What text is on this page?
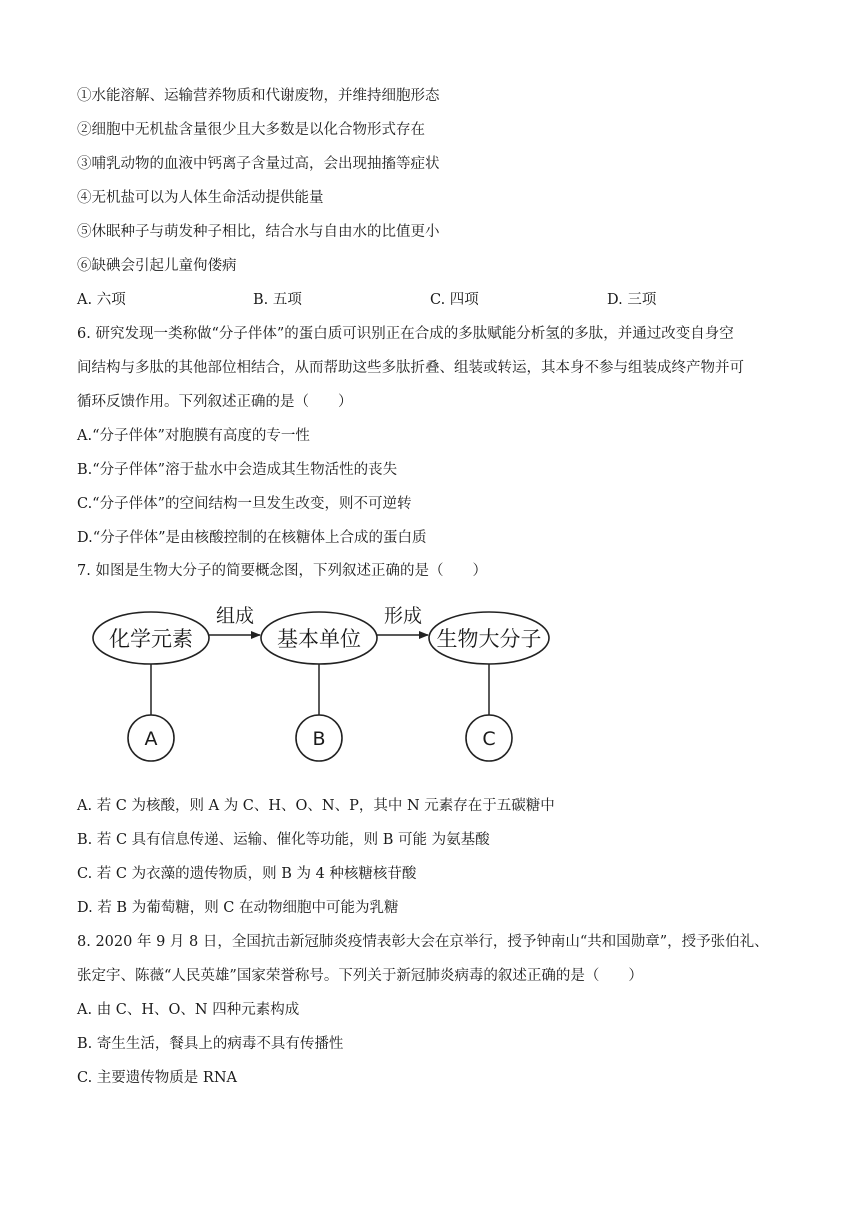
①水能溶解、运输营养物质和代谢废物，并维持细胞形态
②细胞中无机盐含量很少且大多数是以化合物形式存在
③哺乳动物的血液中钙离子含量过高，会出现抽搐等症状
④无机盐可以为人体生命活动提供能量
⑤休眠种子与萌发种子相比，结合水与自由水的比值更小
⑥缺碘会引起儿童佝偻病
A. 六项	B. 五项	C. 四项	D. 三项
6. 研究发现一类称做“分子伴体”的蛋白质可识别正在合成的多肽赋能分析氢的多肽，并通过改变自身空
间结构与多肽的其他部位相结合，从而帮助这些多肽折叠、组装或转运，其本身不参与组装成终产物并可
循环反馈作用。下列叙述正确的是（　　）
A.“分子伴体”对胞膜有高度的专一性
B.“分子伴体”溶于盐水中会造成其生物活性的丧失
C.“分子伴体”的空间结构一旦发生改变，则不可逆转
D.“分子伴体”是由核酸控制的在核糖体上合成的蛋白质
7. 如图是生物大分子的简要概念图，下列叙述正确的是（　　）
化学元素
组成
基本单位
形成
生物大分子
A	B	C
A. 若 C 为核酸，则 A 为 C、H、O、N、P，其中 N 元素存在于五碳糖中
B. 若 C 具有信息传递、运输、催化等功能，则 B 可能 为氨基酸
C. 若 C 为衣藻的遗传物质，则 B 为 4 种核糖核苷酸
D. 若 B 为葡萄糖，则 C 在动物细胞中可能为乳糖
8. 2020 年 9 月 8 日，全国抗击新冠肺炎疫情表彰大会在京举行，授予钟南山“共和国勋章”，授予张伯礼、
张定宇、陈薇“人民英雄”国家荣誉称号。下列关于新冠肺炎病毒的叙述正确的是（　　）
A. 由 C、H、O、N 四种元素构成
B. 寄生生活，餐具上的病毒不具有传播性
C. 主要遗传物质是 RNA
